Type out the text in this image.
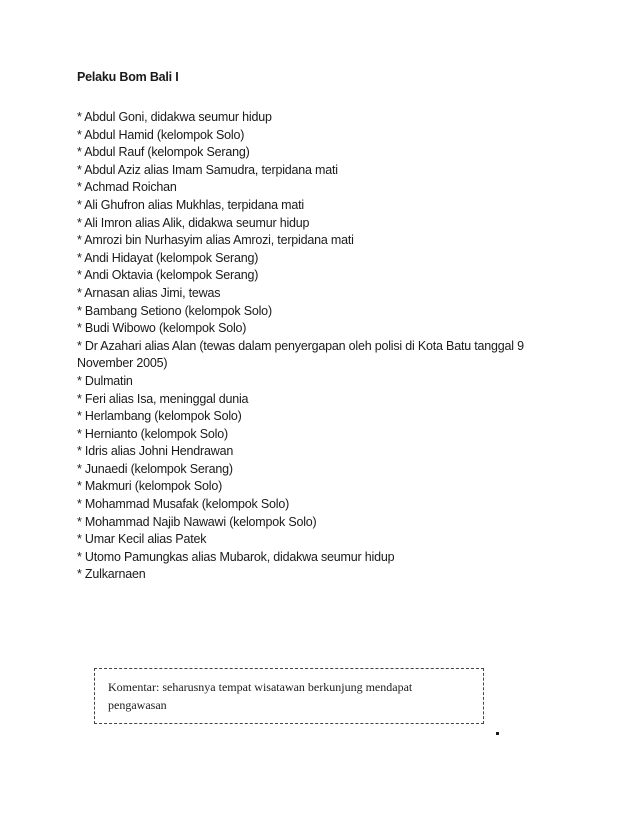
Pelaku Bom Bali I
* Abdul Goni, didakwa seumur hidup
* Abdul Hamid (kelompok Solo)
* Abdul Rauf (kelompok Serang)
* Abdul Aziz alias Imam Samudra, terpidana mati
* Achmad Roichan
* Ali Ghufron alias Mukhlas, terpidana mati
* Ali Imron alias Alik, didakwa seumur hidup
* Amrozi bin Nurhasyim alias Amrozi, terpidana mati
* Andi Hidayat (kelompok Serang)
* Andi Oktavia (kelompok Serang)
* Arnasan alias Jimi, tewas
* Bambang Setiono (kelompok Solo)
* Budi Wibowo (kelompok Solo)
* Dr Azahari alias Alan (tewas dalam penyergapan oleh polisi di Kota Batu tanggal 9 November 2005)
* Dulmatin
* Feri alias Isa, meninggal dunia
* Herlambang (kelompok Solo)
* Hernianto (kelompok Solo)
* Idris alias Johni Hendrawan
* Junaedi (kelompok Serang)
* Makmuri (kelompok Solo)
* Mohammad Musafak (kelompok Solo)
* Mohammad Najib Nawawi (kelompok Solo)
* Umar Kecil alias Patek
* Utomo Pamungkas alias Mubarok, didakwa seumur hidup
* Zulkarnaen
Komentar: seharusnya tempat wisatawan berkunjung mendapat pengawasan
